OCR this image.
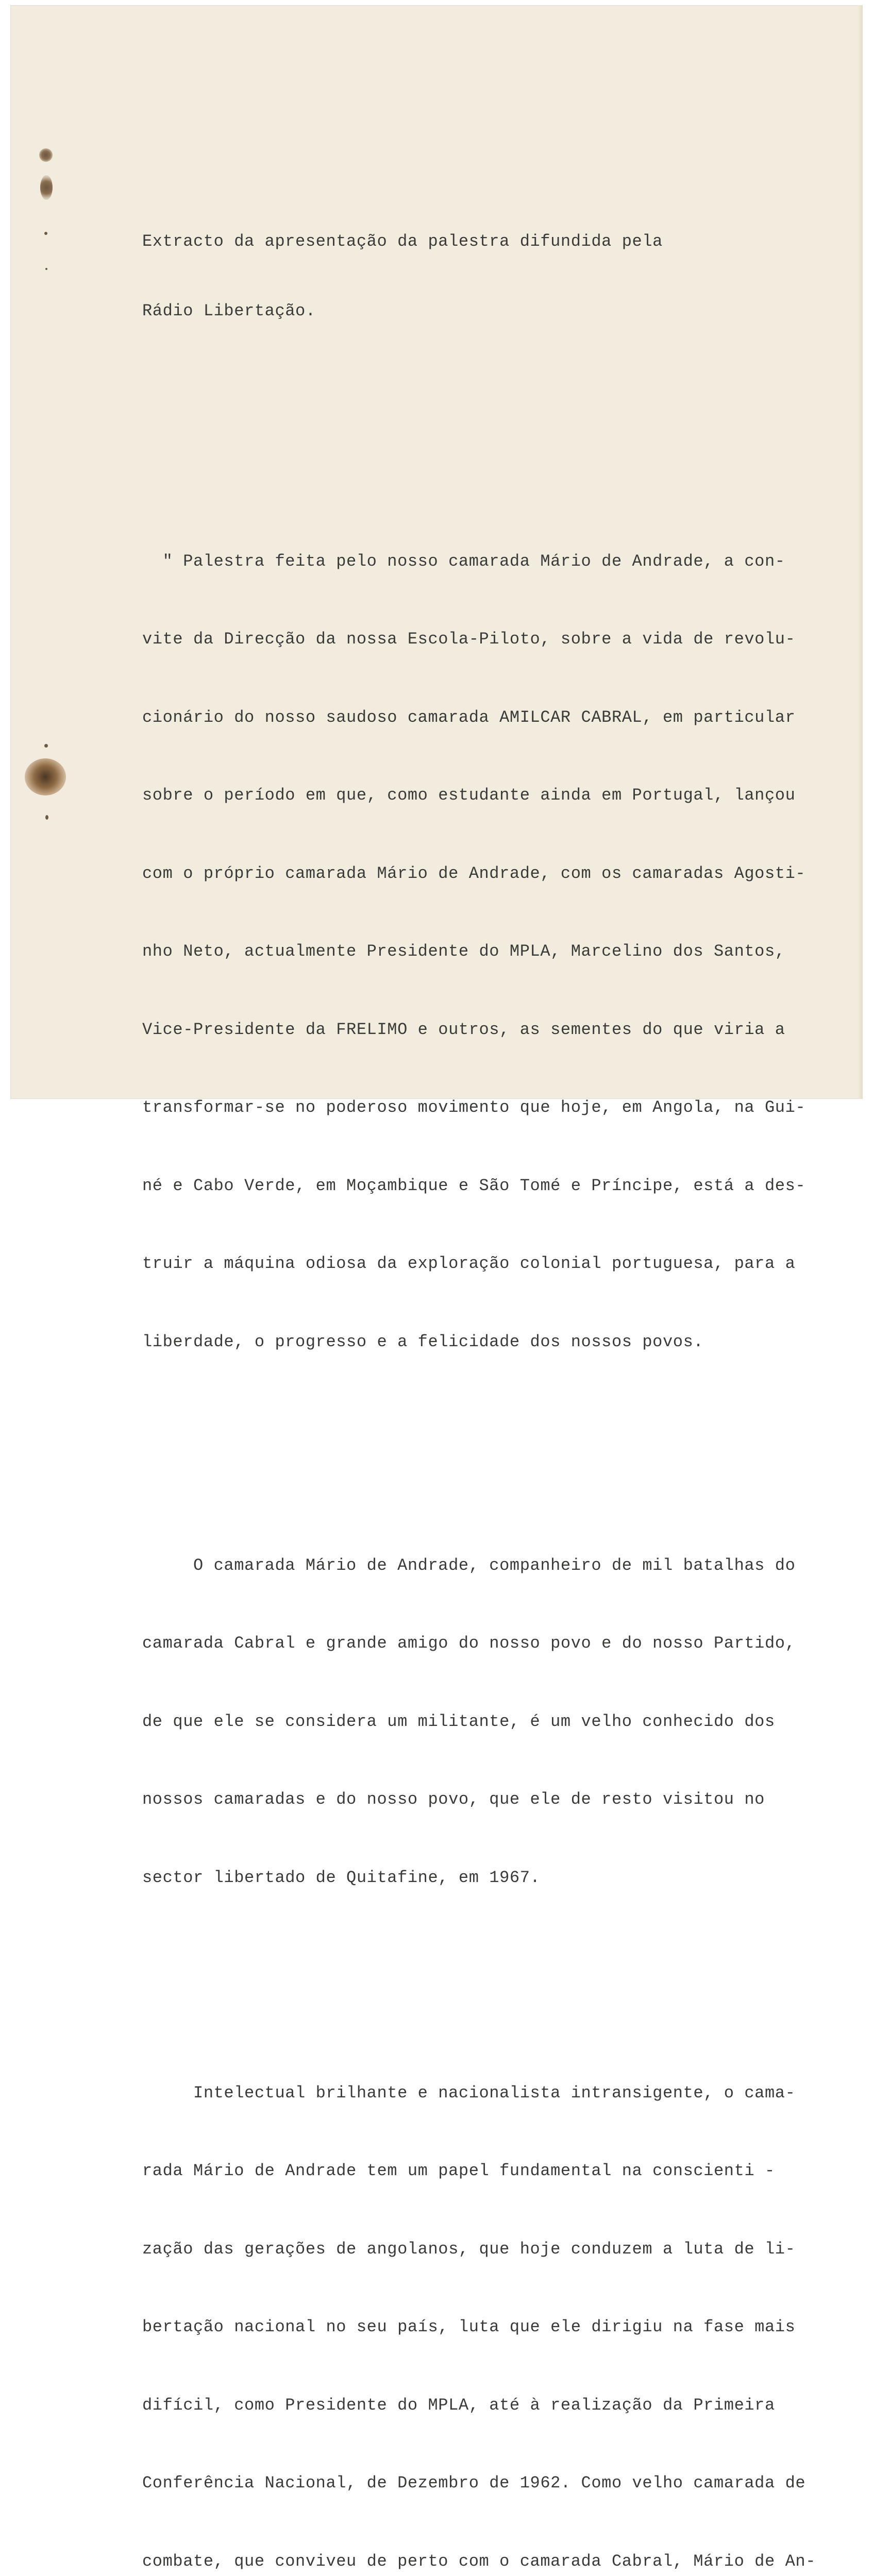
Extracto da apresentação da palestra difundida pela

Rádio Libertação.

" Palestra feita pelo nosso camarada Mário de Andrade, a con-

vite da Direcção da nossa Escola-Piloto, sobre a vida de revolu-

cionário do nosso saudoso camarada AMILCAR CABRAL, em particular

sobre o período em que, como estudante ainda em Portugal, lançou

com o próprio camarada Mário de Andrade, com os camaradas Agosti-

nho Neto, actualmente Presidente do MPLA, Marcelino dos Santos,

Vice-Presidente da FRELIMO e outros, as sementes do que viria a

transformar-se no poderoso movimento que hoje, em Angola, na Gui-

né e Cabo Verde, em Moçambique e São Tomé e Príncipe, está a des-

truir a máquina odiosa da exploração colonial portuguesa, para a

liberdade, o progresso e a felicidade dos nossos povos.

O camarada Mário de Andrade, companheiro de mil batalhas do

camarada Cabral e grande amigo do nosso povo e do nosso Partido,

de que ele se considera um militante, é um velho conhecido dos

nossos camaradas e do nosso povo, que ele de resto visitou no

sector libertado de Quitafine, em 1967.

Intelectual brilhante e nacionalista intransigente, o cama-

rada Mário de Andrade tem um papel fundamental na conscienti -

zação das gerações de angolanos, que hoje conduzem a luta de li-

bertação nacional no seu país, luta que ele dirigiu na fase mais

difícil, como Presidente do MPLA, até à realização da Primeira

Conferência Nacional, de Dezembro de 1962. Como velho camarada de

combate, que conviveu de perto com o camarada Cabral, Mário de An-
